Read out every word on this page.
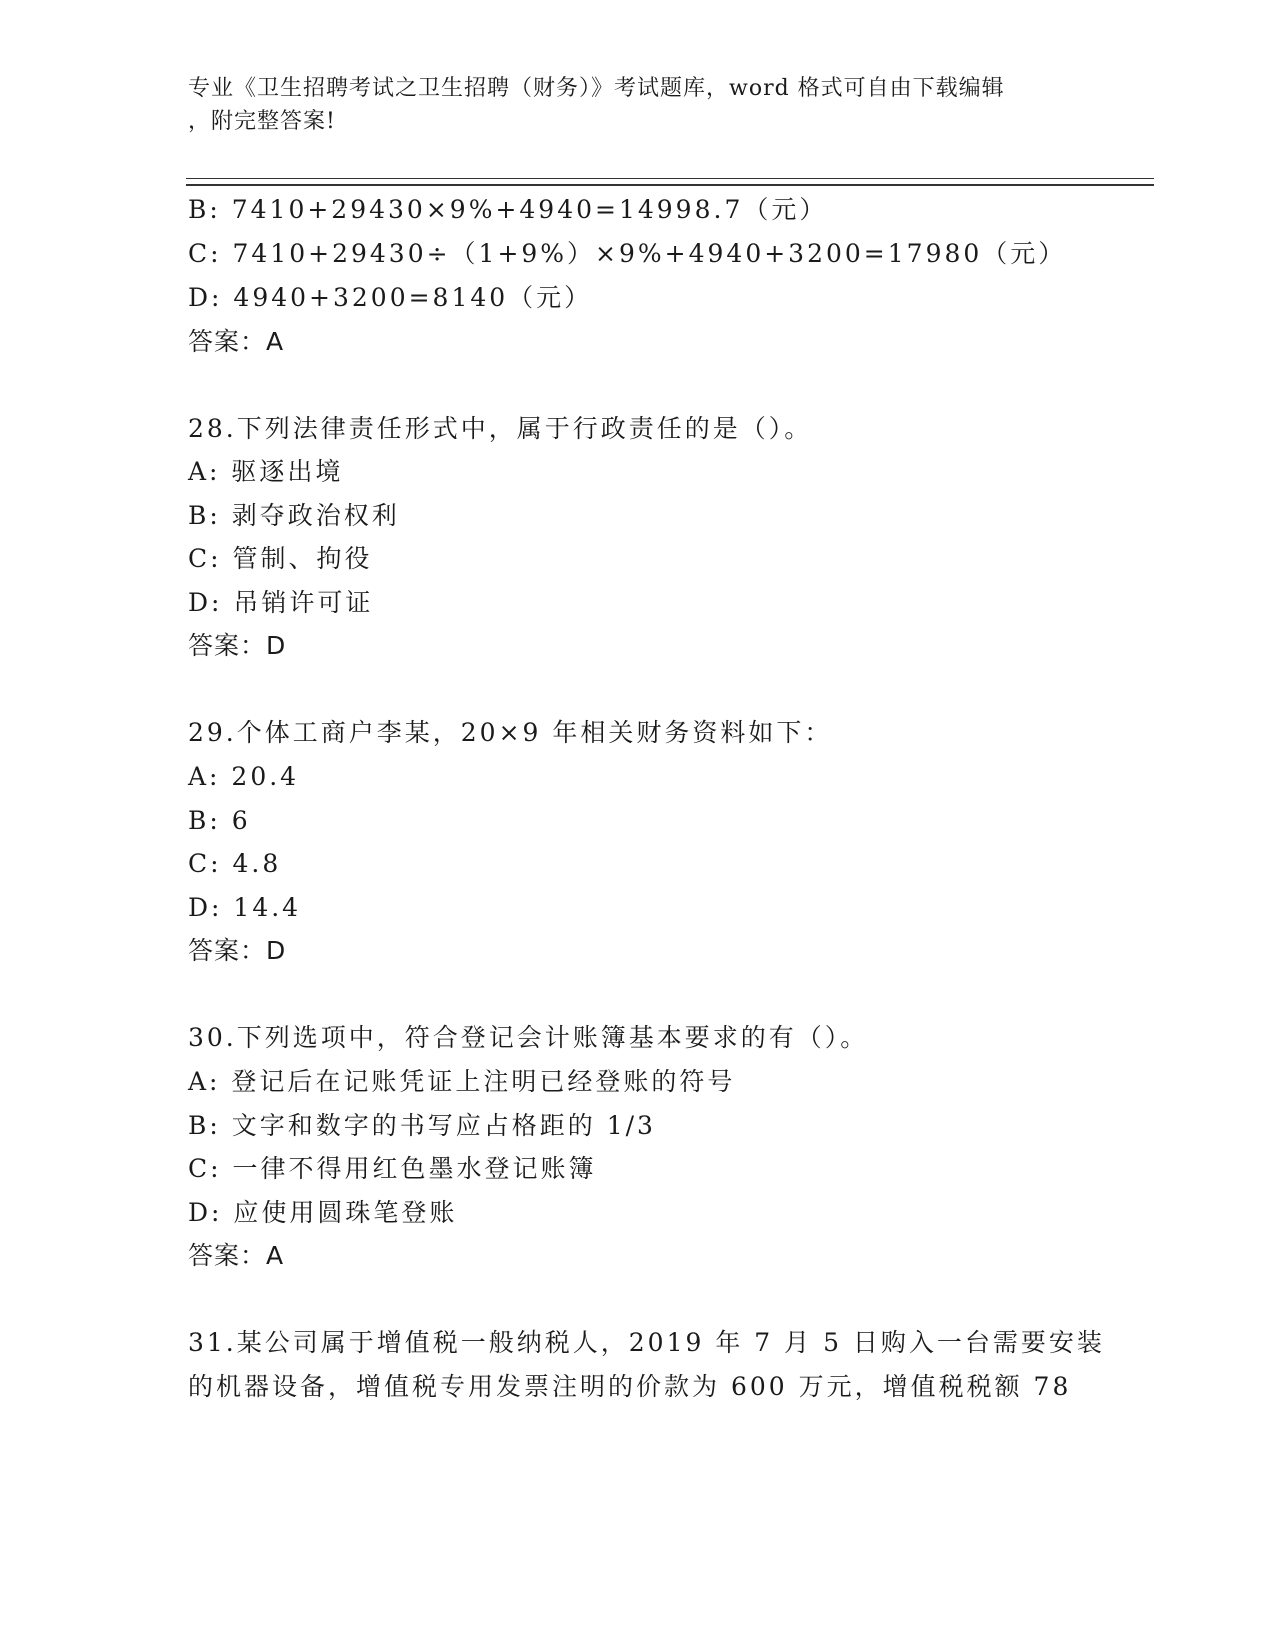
专业《卫生招聘考试之卫生招聘（财务）》考试题库，word 格式可自由下载编辑
，附完整答案!
B: 7410+29430×9%+4940=14998.7（元）
C: 7410+29430÷（1+9%）×9%+4940+3200=17980（元）
D: 4940+3200=8140（元）
答案：A
28.下列法律责任形式中，属于行政责任的是（）。
A: 驱逐出境
B: 剥夺政治权利
C: 管制、拘役
D: 吊销许可证
答案：D
29.个体工商户李某，20×9 年相关财务资料如下：
A: 20.4
B: 6
C: 4.8
D: 14.4
答案：D
30.下列选项中，符合登记会计账簿基本要求的有（）。
A: 登记后在记账凭证上注明已经登账的符号
B: 文字和数字的书写应占格距的 1/3
C: 一律不得用红色墨水登记账簿
D: 应使用圆珠笔登账
答案：A
31.某公司属于增值税一般纳税人，2019 年 7 月 5 日购入一台需要安装
的机器设备，增值税专用发票注明的价款为 600 万元，增值税税额 78
